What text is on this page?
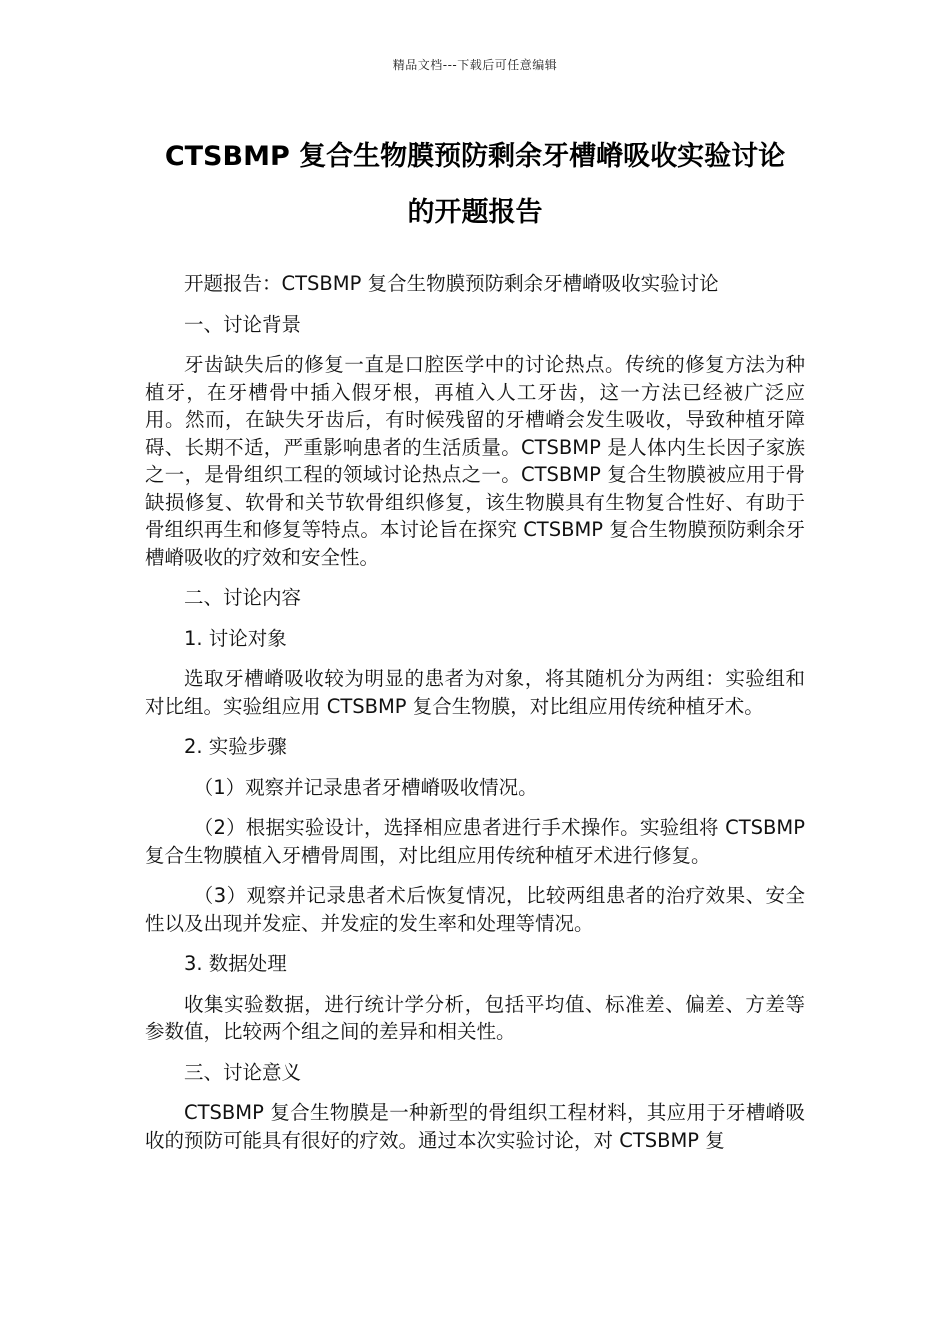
精品文档---下载后可任意编辑
CTSBMP 复合生物膜预防剩余牙槽嵴吸收实验讨论
的开题报告

开题报告：CTSBMP 复合生物膜预防剩余牙槽嵴吸收实验讨论

一、讨论背景

牙齿缺失后的修复一直是口腔医学中的讨论热点。传统的修复方法为种植牙，在牙槽骨中插入假牙根，再植入人工牙齿，这一方法已经被广泛应用。然而，在缺失牙齿后，有时候残留的牙槽嵴会发生吸收，导致种植牙障碍、长期不适，严重影响患者的生活质量。CTSBMP 是人体内生长因子家族之一，是骨组织工程的领域讨论热点之一。CTSBMP 复合生物膜被应用于骨缺损修复、软骨和关节软骨组织修复，该生物膜具有生物复合性好、有助于骨组织再生和修复等特点。本讨论旨在探究 CTSBMP 复合生物膜预防剩余牙槽嵴吸收的疗效和安全性。

二、讨论内容

1. 讨论对象

选取牙槽嵴吸收较为明显的患者为对象，将其随机分为两组：实验组和对比组。实验组应用 CTSBMP 复合生物膜，对比组应用传统种植牙术。

2. 实验步骤

（1）观察并记录患者牙槽嵴吸收情况。

（2）根据实验设计，选择相应患者进行手术操作。实验组将 CTSBMP 复合生物膜植入牙槽骨周围，对比组应用传统种植牙术进行修复。

（3）观察并记录患者术后恢复情况，比较两组患者的治疗效果、安全性以及出现并发症、并发症的发生率和处理等情况。

3. 数据处理

收集实验数据，进行统计学分析，包括平均值、标准差、偏差、方差等参数值，比较两个组之间的差异和相关性。

三、讨论意义

CTSBMP 复合生物膜是一种新型的骨组织工程材料，其应用于牙槽嵴吸收的预防可能具有很好的疗效。通过本次实验讨论，对 CTSBMP 复
